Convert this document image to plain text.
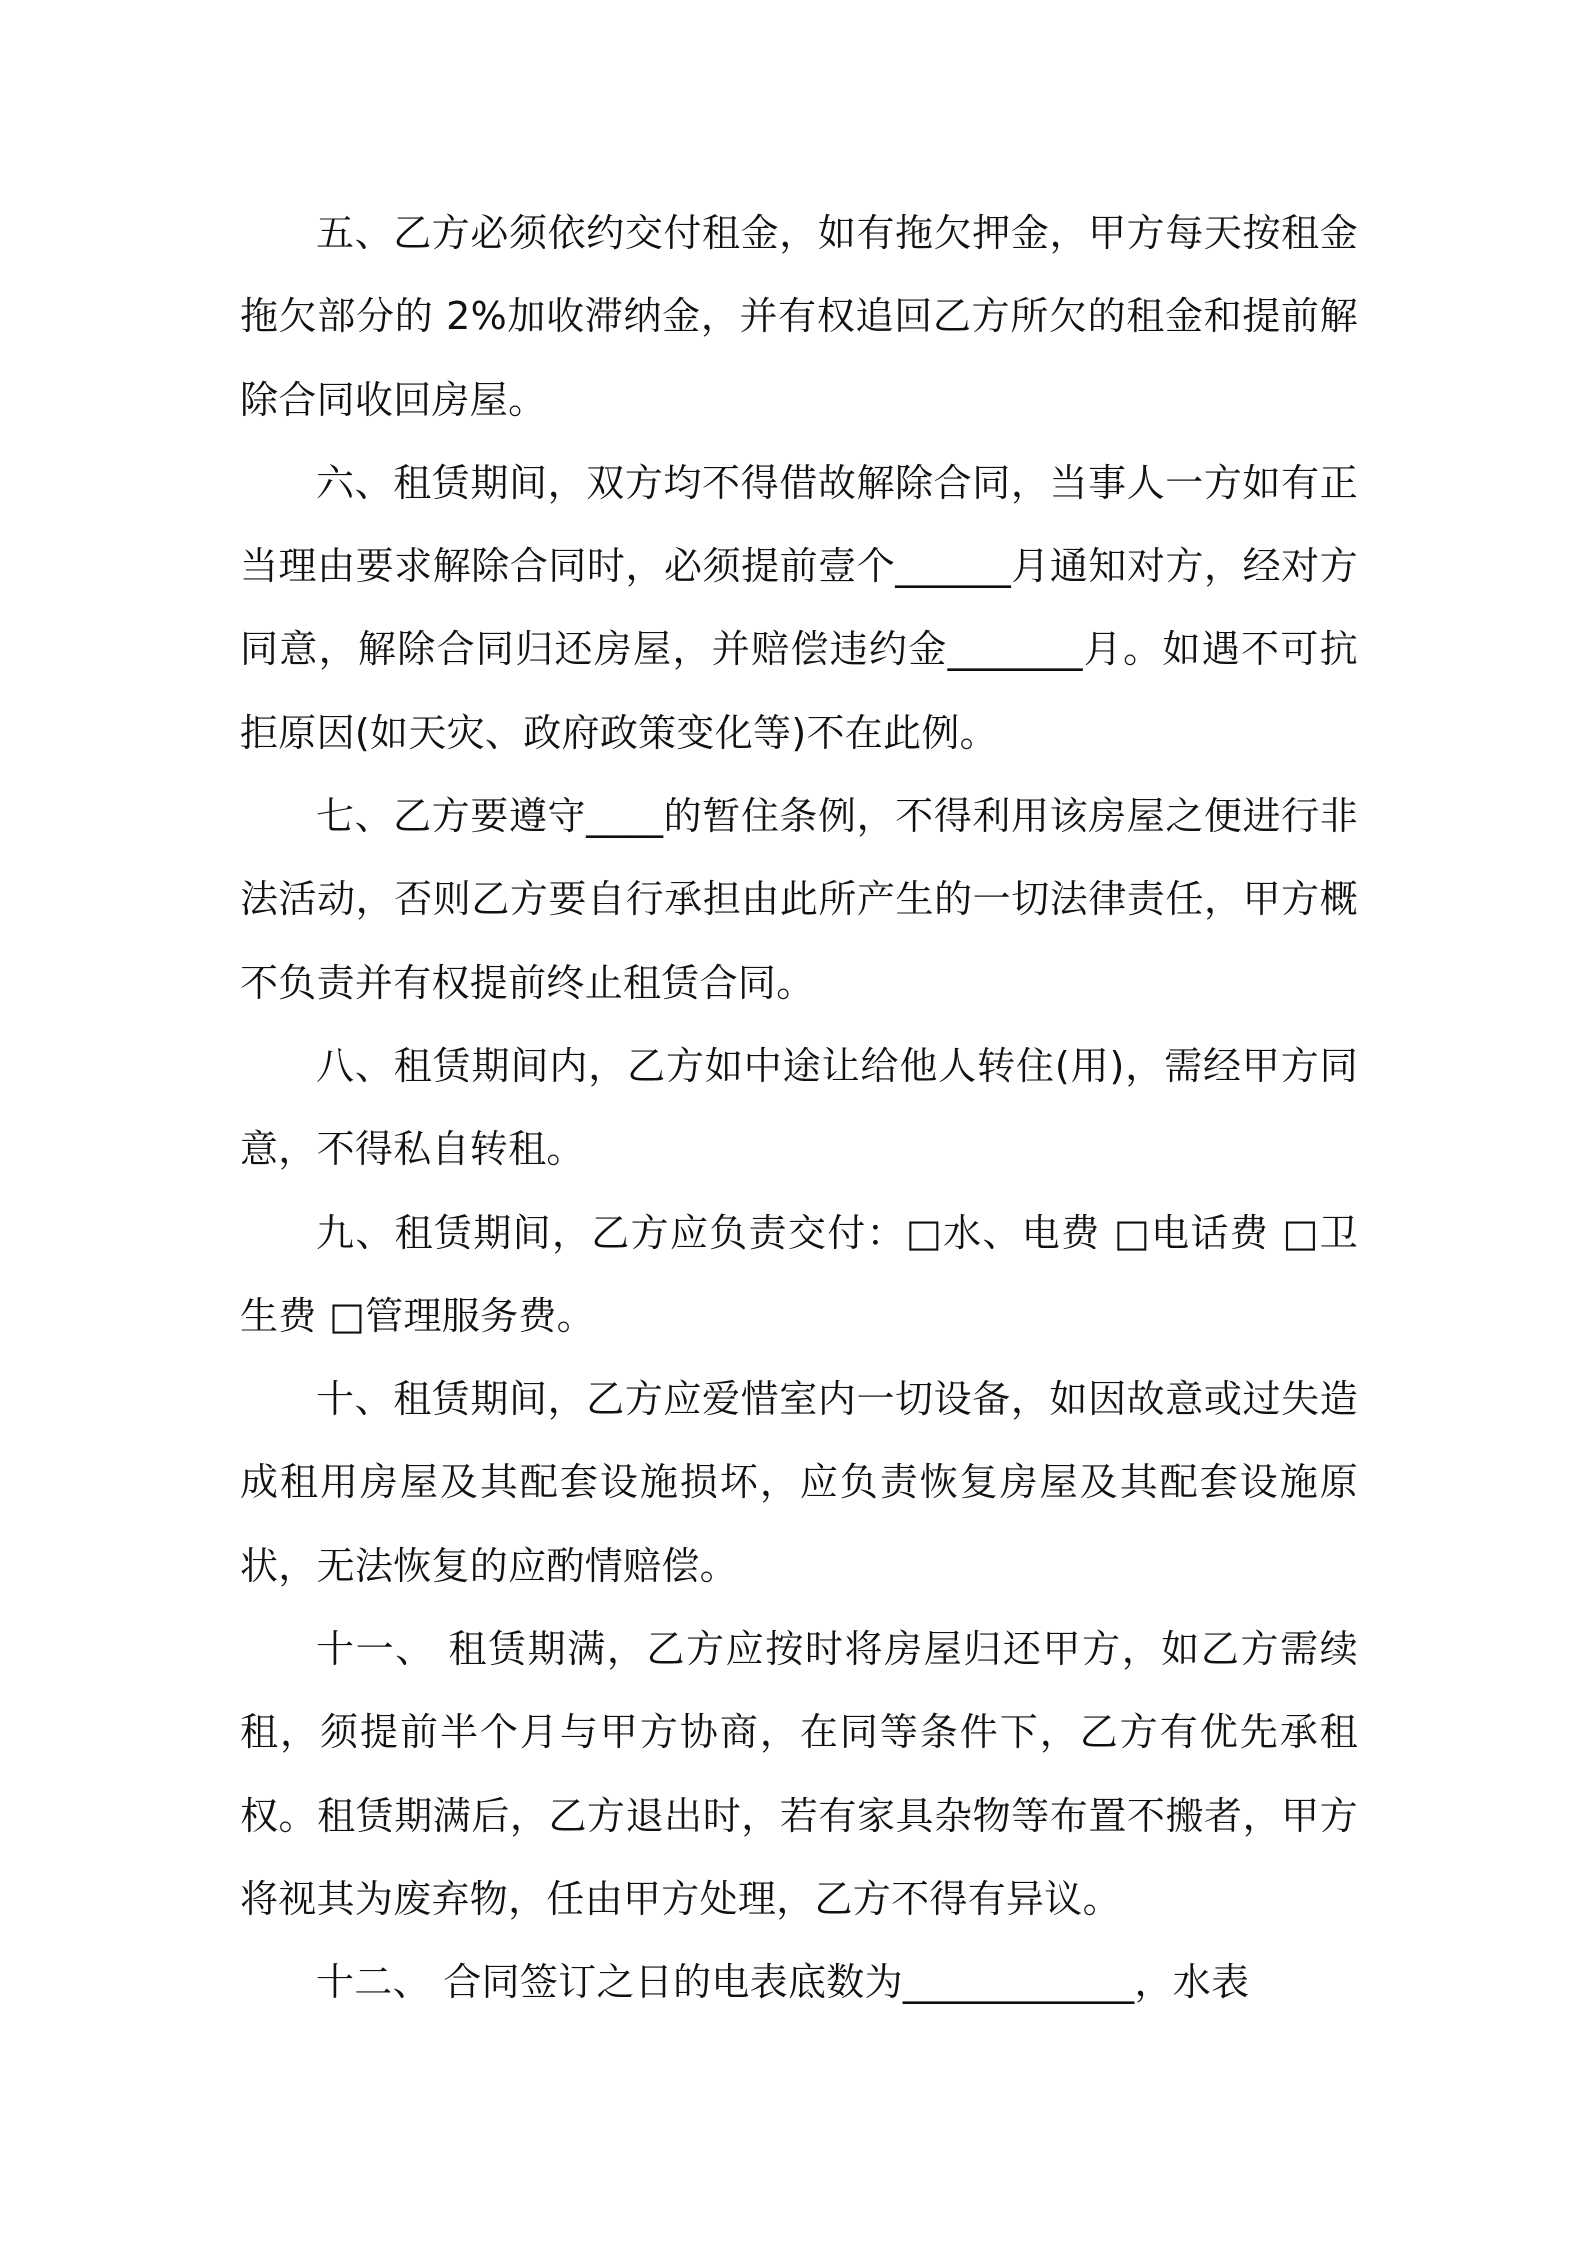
五、乙方必须依约交付租金，如有拖欠押金，甲方每天按租金拖欠部分的 2%加收滞纳金，并有权追回乙方所欠的租金和提前解除合同收回房屋。

六、租赁期间，双方均不得借故解除合同，当事人一方如有正当理由要求解除合同时，必须提前壹个______月通知对方，经对方同意，解除合同归还房屋，并赔偿违约金_______月。如遇不可抗拒原因(如天灾、政府政策变化等)不在此例。

七、乙方要遵守____的暂住条例，不得利用该房屋之便进行非法活动，否则乙方要自行承担由此所产生的一切法律责任，甲方概不负责并有权提前终止租赁合同。

八、租赁期间内，乙方如中途让给他人转住(用)，需经甲方同意，不得私自转租。

九、租赁期间，乙方应负责交付：□水、电费 □电话费 □卫生费 □管理服务费。

十、租赁期间，乙方应爱惜室内一切设备，如因故意或过失造成租用房屋及其配套设施损坏，应负责恢复房屋及其配套设施原状，无法恢复的应酌情赔偿。

十一、 租赁期满，乙方应按时将房屋归还甲方，如乙方需续租，须提前半个月与甲方协商，在同等条件下，乙方有优先承租权。租赁期满后，乙方退出时，若有家具杂物等布置不搬者，甲方将视其为废弃物，任由甲方处理，乙方不得有异议。

十二、 合同签订之日的电表底数为____________，水表
